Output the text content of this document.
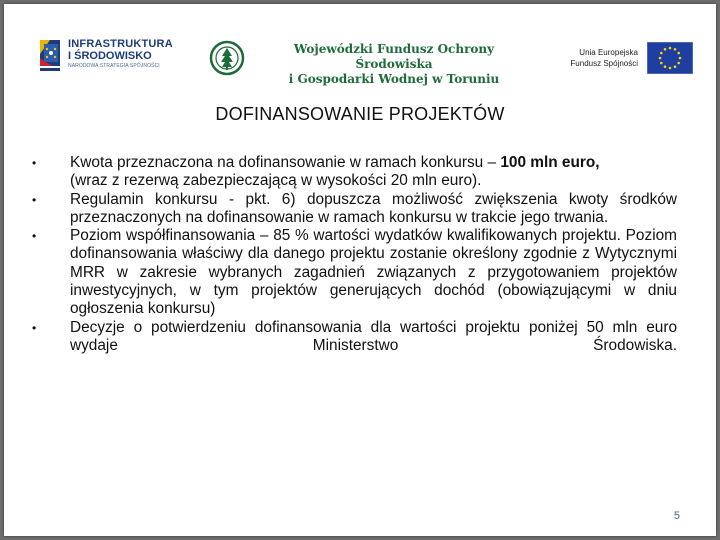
INFRASTRUKTURA
I ŚRODOWISKO
NARODOWA STRATEGIA SPÓJNOŚCI
Wojewódzki Fundusz Ochrony Środowiska
i Gospodarki Wodnej w Toruniu
Unia Europejska
Fundusz Spójności
DOFINANSOWANIE PROJEKTÓW
• Kwota przeznaczona na dofinansowanie w ramach konkursu – 100 mln euro,
(wraz z rezerwą zabezpieczającą w wysokości 20 mln euro).
• Regulamin konkursu - pkt. 6) dopuszcza możliwość zwiększenia kwoty środków przeznaczonych na dofinansowanie w ramach konkursu w trakcie jego trwania.
• Poziom współfinansowania – 85 % wartości wydatków kwalifikowanych projektu. Poziom dofinansowania właściwy dla danego projektu zostanie określony zgodnie z Wytycznymi MRR w zakresie wybranych zagadnień związanych z przygotowaniem projektów inwestycyjnych, w tym projektów generujących dochód (obowiązującymi w dniu ogłoszenia konkursu)
• Decyzje o potwierdzeniu dofinansowania dla wartości projektu poniżej 50 mln euro wydaje Ministerstwo Środowiska.
5
